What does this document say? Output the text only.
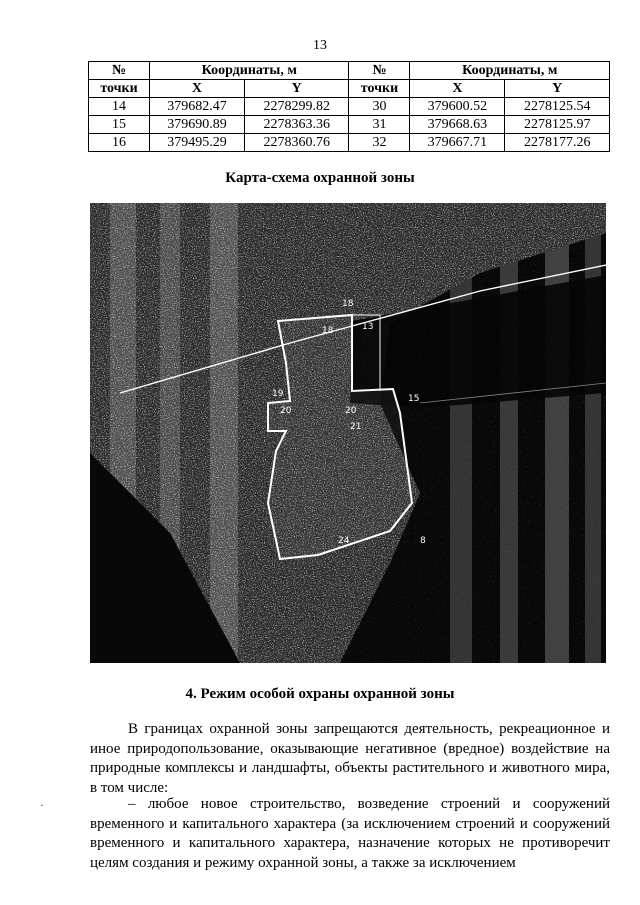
13
№	Координаты, м		№	Координаты, м	
точки	X	Y	точки	X	Y
14	379682.47	2278299.82	30	379600.52	2278125.54
15	379690.89	2278363.36	31	379668.63	2278125.97
16	379495.29	2278360.76	32	379667.71	2278177.26
Карта-схема охранной зоны
18
13
18
19	15
20	20
21
24	8
4. Режим особой охраны охранной зоны
В границах охранной зоны запрещаются деятельность, рекреационное и иное природопользование, оказывающие негативное (вредное) воздействие на природные комплексы и ландшафты, объекты растительного и животного мира, в том числе:
– любое новое строительство, возведение строений и сооружений временного и капитального характера (за исключением строений и сооружений временного и капитального характера, назначение которых не противоречит целям создания и режиму охранной зоны, а также за исключением
·
